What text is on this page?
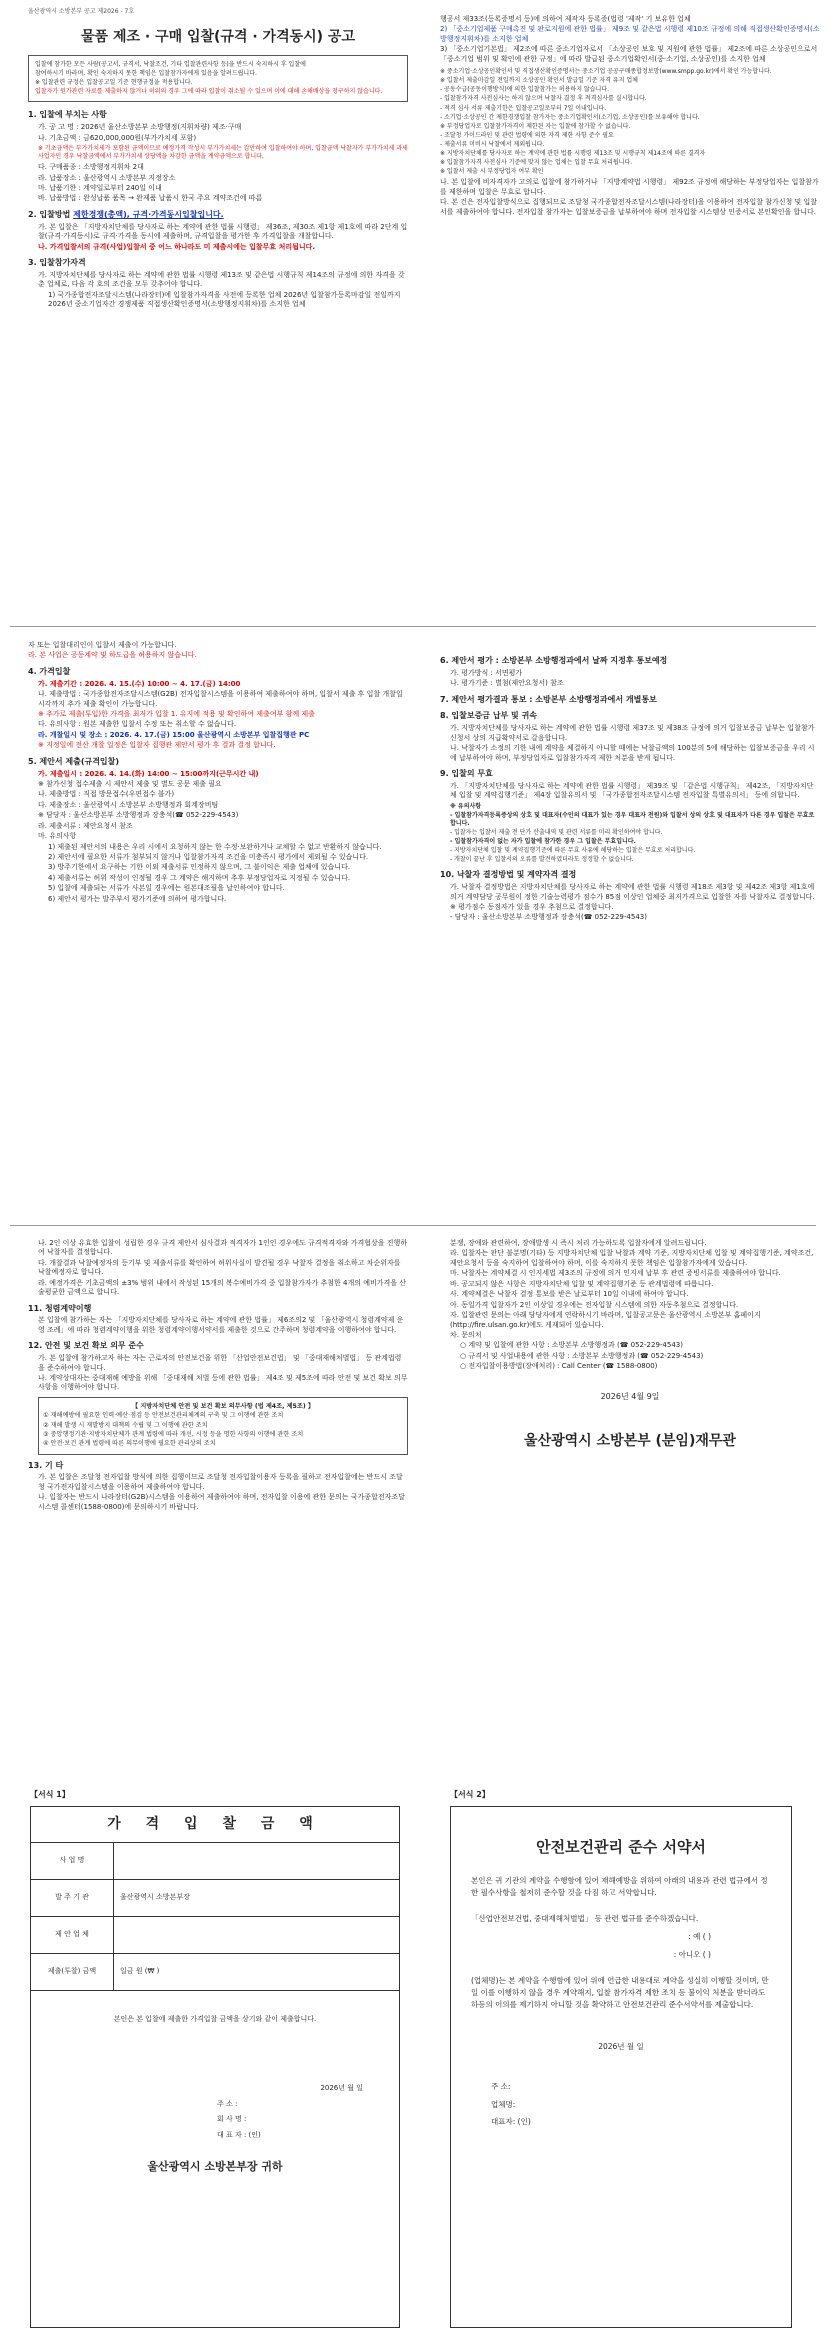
울산광역시 소방본부 공고 제2026 - 7호
물품 제조 · 구매 입찰(규격 · 가격동시) 공고

입찰에 참가한 모든 사람(공고서, 규격서, 낙찰조건, 기타 입찰관련사항 등)을 반드시 숙지하시 후 입찰에

참여하시기 바라며, 확인 숙지하지 못한 책임은 입찰참가자에게 있음을 알려드립니다.

※ 입찰관련 규정은 입찰공고일 기준 현행규정을 적용합니다.

입찰자가 원가관련 자료를 제출하지 않거나 허위의 경우 그에 따라 입찰이 취소될 수 있으며 이에 대해 손해배상을 청구하지 않습니다.

1. 입찰에 부치는 사항

가. 공 고 명 : 2026년 울산소방본부 소방행정(지휘차량) 제조·구매

나. 기초금액 : 금620,000,000원(부가가치세 포함)

※ 기초금액은 부가가치세가 포함된 금액이므로 예정가격 작성시 부가가치세는 감안하여 입찰하여야 하며, 입찰금액 낙찰자가 부가가치세 과세사업자인 경우 낙찰금액에서 부가가치세 상당액을 차감한 금액을 계약금액으로 합니다.

다. 구매품종 : 소방행정지휘차 2대

라. 납품장소 : 울산광역시 소방본부 지정장소

마. 납품기한 : 계약일로부터 240일 이내

바. 납품방법 : 완성납품 품목 → 완제품 납품시 한국 주요 계약조건에 따름

2. 입찰방법 제한경쟁(총액), 규격·가격동시입찰입니다.

가. 본 입찰은 「지방자치단체를 당사자로 하는 계약에 관한 법률 시행령」 제36조, 제30조 제1항 제1호에 따라 2단계 입찰(규격·가격동시)로 규격·가격을 동시에 제출하며, 규격입찰을 평가한 후 가격입찰을 개찰합니다.

나. 가격입찰서의 규격(사업)입찰서 중 어느 하나라도 미 제출시에는 입찰무효 처리됩니다.

3. 입찰참가자격

가. 지방자치단체를 당사자로 하는 계약에 관한 법률 시행령 제13조 및 같은법 시행규칙 제14조의 규정에 의한 자격을 갖춘 업체로, 다음 각 호의 조건을 모두 갖추어야 합니다.

1) 국가종합전자조달시스템(나라장터)에 입찰참가자격을 사전에 등록한 업체 2026년 입찰참가등록마감일 전일까지 2026년 중소기업자간 경쟁제품 직접생산확인증명서(소방행정지휘차)를 소지한 업체

행공서 제33조(등록증명서 등)에 의하여 제작자 등록증(법령 '제작' 기 보유한 업체

2) 「중소기업제품 구매촉진 및 판로지원에 관한 법률」 제9조 및 같은법 시행령 제10조 규정에 의해 직접생산확인증명서(소방행정지휘차)를 소지한 업체

3) 「중소기업기본법」 제2조에 따른 중소기업자로서 「소상공인 보호 및 지원에 관한 법률」 제2조에 따른 소상공인으로서 「중소기업 범위 및 확인에 관한 규정」에 따라 발급된 중소기업확인서(중·소기업, 소상공인)를 소지한 업체

※ 중소기업·소상공인확인서 및 직접생산확인증명서는 중소기업 공공구매종합정보망(www.smpp.go.kr)에서 확인 가능합니다.

※ 입찰서 제출마감일 전일까지 소상공인 확인서 발급일 기준 자격 유지 업체

- 공동수급(공동이행방식)에 의한 입찰참가는 허용하지 않습니다.

- 입찰참가자격 사전심사는 하지 않으며 낙찰자 결정 후 적격심사를 실시합니다.

- 적격 심사 서류 제출기한은 입찰공고일로부터 7일 이내입니다.

- 소기업·소상공인 간 제한경쟁입찰 참가자는 중소기업확인서(소기업, 소상공인)를 보유해야 합니다.

※ 부정당업자로 입찰참가자격이 제한된 자는 입찰에 참가할 수 없습니다.

- 조달청 가이드라인 및 관련 법령에 의한 자격 제한 사항 준수 필요

- 제출서류 미비시 낙찰에서 제외됩니다.

※ 지방자치단체를 당사자로 하는 계약에 관한 법률 시행령 제13조 및 시행규칙 제14조에 따른 결격자

※ 입찰참가자격 사전심사 기준에 맞지 않는 업체는 입찰 무효 처리됩니다.

※ 입찰서 제출 시 부정당업자 여부 확인

나. 본 입찰에 비자격자가 고의로 입찰에 참가하거나 「지방계약법 시행령」 제92조 규정에 해당하는 부정당업자는 입찰참가를 제한하며 입찰은 무효로 합니다.

다. 본 건은 전자입찰방식으로 집행되므로 조달청 국가종합전자조달시스템(나라장터)을 이용하여 전자입찰 참가신청 및 입찰서를 제출하여야 합니다. 전자입찰 참가자는 입찰보증금을 납부하여야 하며 전자입찰 시스템상 인증서로 본인확인을 합니다.

자 또는 입찰대리인이 입찰서 제출이 가능합니다.

라. 본 사업은 공동계약 및 하도급을 허용하지 않습니다.

4. 가격입찰

가. 제출기간 : 2026. 4. 15.(수) 10:00 ~ 4. 17.(금) 14:00

나. 제출방법 : 국가종합전자조달시스템(G2B) 전자입찰시스템을 이용하여 제출하여야 하며, 입찰서 제출 후 입찰 개찰일 시각까지 추가 제출 확인이 가능합니다.

※ 추가로 제출(투입)한 가격을 최저가 입찰 1. 유지에 적용 및 확인하여 제출여부 함께 제출

다. 유의사항 : 원본 제출한 입찰서 수정 또는 취소할 수 없습니다.

라. 개찰일시 및 장소 : 2026. 4. 17.(금) 15:00 울산광역시 소방본부 입찰집행관 PC

※ 지정일에 전산 개찰 일정은 입찰자 집행관 제안서 평가 후 결과 결정 합니다.

5. 제안서 제출(규격입찰)

가. 제출일시 : 2026. 4. 14.(화) 14:00 ~ 15:00까지(근무시간 내)

※ 참가신청 접수제출 시 제안서 제출 및 별도 공문 제출 필요

나. 제출방법 : 직접 방문접수(우편접수 불가)

다. 제출장소 : 울산광역시 소방본부 소방행정과 회계장비팀

※ 담당자 : 울산소방본부 소방행정과 장충석(☎ 052-229-4543)

라. 제출서류 : 제안요청서 참조

마. 유의사항

1) 제출된 제안서의 내용은 우리 시에서 요청하지 않는 한 수정·보완하거나 교체할 수 없고 반환하지 않습니다.

2) 제안서에 필요한 서류가 첨부되지 않거나 입찰참가자격 조건을 미충족시 평가에서 제외될 수 있습니다.

3) 방주기한에서 요구하는 기한 이외 제출서류 인정하지 않으며, 그 불이익은 제출 업체에 있습니다.

4) 제출서류는 허위 작성이 인정될 경우 그 계약은 해지하며 추후 부정당업자로 지정될 수 있습니다.

5) 입찰에 제출되는 서류가 사본일 경우에는 원본대조필을 날인하여야 합니다.

6) 제안서 평가는 발주부서 평가기준에 의하여 평가합니다.

6. 제안서 평가 : 소방본부 소방행정과에서 날짜 지정후 통보예정

가. 평가방식 : 서면평가

나. 평가기준 : 별첨(제안요청서) 참조

7. 제안서 평가결과 통보 : 소방본부 소방행정과에서 개별통보
8. 입찰보증금 납부 및 귀속

가. 지방자치단체를 당사자로 하는 계약에 관한 법률 시행령 제37조 및 제38조 규정에 의거 입찰보증금 납부는 입찰참가신청서 상의 지급확약서로 갈음합니다.

나. 낙찰자가 소정의 기한 내에 계약을 체결하지 아니할 때에는 낙찰금액의 100분의 5에 해당하는 입찰보증금을 우리 시에 납부하여야 하며, 부정당업자로 입찰참가자격 제한 처분을 받게 됩니다.

9. 입찰의 무효

가. 「지방자치단체를 당사자로 하는 계약에 관한 법률 시행령」 제39조 및 「같은법 시행규칙」 제42조, 「지방자치단체 입찰 및 계약집행기준」 제4장 입찰유의서 및 「국가종합전자조달시스템 전자입찰 특별유의서」 등에 의합니다.

※ 유의사항

- 입찰참가자격등록증상의 상호 및 대표자(수인의 대표가 있는 경우 대표자 전원)와 입찰서 상의 상호 및 대표자가 다른 경우 입찰은 무효로 합니다.

- 입찰자는 입찰서 제출 전 단가 산출내역 및 관련 서류를 미리 확인하여야 합니다.

- 입찰참가자격이 없는 자가 입찰에 참가한 경우 그 입찰은 무효입니다.

- 지방자치단체 입찰 및 계약집행기준에 따른 무효 사유에 해당하는 입찰은 무효로 처리합니다.

- 개찰이 끝난 후 입찰서의 오류를 발견하였더라도 정정할 수 없습니다.

10. 낙찰자 결정방법 및 계약자격 결정

가. 낙찰자 결정방법은 지방자치단체를 당사자로 하는 계약에 관한 법률 시행령 제18조 제3항 및 제42조 제3항 제1호에 의거 계약담당 공무원이 정한 기술능력평가 점수가 85점 이상인 업체중 최저가격으로 입찰한 자를 낙찰자로 결정합니다.

※ 평가점수 동점자가 있을 경우 추첨으로 결정합니다.

- 담당자 : 울산소방본부 소방행정과 장충석(☎ 052-229-4543)

나. 2인 이상 유효한 입찰이 성립한 경우 규격 제안서 심사결과 적격자가 1인인 경우에도 규격적격자와 가격협상을 진행하여 낙찰자를 결정합니다.

다. 개찰결과 낙찰예정자의 등기부 및 제출서류를 확인하여 허위사실이 발견될 경우 낙찰자 결정을 취소하고 차순위자를 낙찰예정자로 합니다.

라. 예정가격은 기초금액의 ±3% 범위 내에서 작성된 15개의 복수예비가격 중 입찰참가자가 추첨한 4개의 예비가격을 산술평균한 금액으로 합니다.

11. 청렴계약이행

본 입찰에 참가하는 자는 「지방자치단체를 당사자로 하는 계약에 관한 법률」 제6조의2 및 「울산광역시 청렴계약제 운영 조례」에 따라 청렴계약이행을 위한 청렴계약이행서약서를 제출한 것으로 간주하며 청렴계약을 이행하여야 합니다.

12. 안전 및 보건 확보 의무 준수

가. 본 입찰에 참가하고자 하는 자는 근로자의 안전보건을 위한 「산업안전보건법」 및 「중대재해처벌법」 등 관계법령을 준수하여야 합니다.

나. 계약상대자는 중대재해 예방을 위해 「중대재해 처벌 등에 관한 법률」 제4조 및 제5조에 따라 안전 및 보건 확보 의무사항을 이행하여야 합니다.

【 지방자치단체 안전 및 보건 확보 의무사항 (법 제4조, 제5조) 】

① 재해예방에 필요한 인력·예산·점검 등 안전보건관리체계의 구축 및 그 이행에 관한 조치

② 재해 발생 시 재발방지 대책의 수립 및 그 이행에 관한 조치

③ 중앙행정기관·지방자치단체가 관계 법령에 따라 개선, 시정 등을 명한 사항의 이행에 관한 조치

④ 안전·보건 관계 법령에 따른 의무이행에 필요한 관리상의 조치

13. 기 타

가. 본 입찰은 조달청 전자입찰 방식에 의한 집행이므로 조달청 전자입찰이용자 등록을 필하고 전자입찰에는 반드시 조달청 국가전자입찰시스템을 이용하여 제출하여야 합니다.

나. 입찰자는 반드시 나라장터(G2B)시스템을 이용하여 제출하여야 하며, 전자입찰 이용에 관한 문의는 국가종합전자조달시스템 콜센터(1588-0800)에 문의하시기 바랍니다.

분쟁, 장애와 관련하여, 장애발생 시 즉시 처리 가능하도록 입찰자에게 알려드립니다.

라. 입찰자는 판단 불분명(기타) 등 지방자치단체 입찰 낙찰과 계약 기준, 지방자치단체 입찰 및 계약집행기준, 계약조건, 제안요청서 등을 숙지하여 입찰하여야 하며, 이를 숙지하지 못한 책임은 입찰참가자에게 있습니다.

마. 낙찰자는 계약체결 시 인지세법 제3조의 규정에 의거 인지세 납부 후 관련 증빙서류를 제출하여야 합니다.

바. 공고되지 않은 사항은 지방자치단체 입찰 및 계약집행기준 등 관계법령에 따릅니다.

사. 계약체결은 낙찰자 결정 통보를 받은 날로부터 10일 이내에 하여야 합니다.

아. 동일가격 입찰자가 2인 이상일 경우에는 전자입찰 시스템에 의한 자동추첨으로 결정합니다.

자. 입찰관련 문의는 아래 담당자에게 연락하시기 바라며, 입찰공고문은 울산광역시 소방본부 홈페이지(http://fire.ulsan.go.kr)에도 게재되어 있습니다.

차. 문의처

○ 계약 및 입찰에 관한 사항 : 소방본부 소방행정과 (☎ 052-229-4543)

○ 규격서 및 사업내용에 관한 사항 : 소방본부 소방행정과 (☎ 052-229-4543)

○ 전자입찰이용방법(장애처리) : Call Center (☎ 1588-0800)

2026년 4월 9일
울산광역시 소방본부 (분임)재무관
【서식 1】
가 격 입 찰 금 액
사 업 명	
발 주 기 관	울산광역시 소방본부장
제 안 업 체	
제출(투찰) 금액	일금 원 (₩ )

본인은 본 입찰에 제출한 가격입찰 금액을 상기와 같이 제출합니다.

2026년 월 일

주 소 :

회 사 명 :

대 표 자 : (인)

울산광역시 소방본부장 귀하
【서식 2】
안전보건관리 준수 서약서

본인은 귀 기관의 계약을 수행함에 있어 재해예방을 위하여 아래의 내용과 관련 법규에서 정한 필수사항을 철저히 준수할 것을 다짐 하고 서약합니다.

「산업안전보건법, 중대재해처벌법」 등 관련 법규를 준수하겠습니다.

: 예 ( )
: 아니오 ( )

(업체명)는 본 계약을 수행함에 있어 위에 언급한 내용대로 계약을 성실히 이행할 것이며, 만일 이를 이행하지 않을 경우 계약해지, 입찰 참가자격 제한 조치 등 불이익 처분을 받더라도 하등의 이의를 제기하지 아니할 것을 확약하고 안전보건관리 준수서약서를 제출합니다.

2026년 월 일

주 소:

업체명:

대표자: (인)
